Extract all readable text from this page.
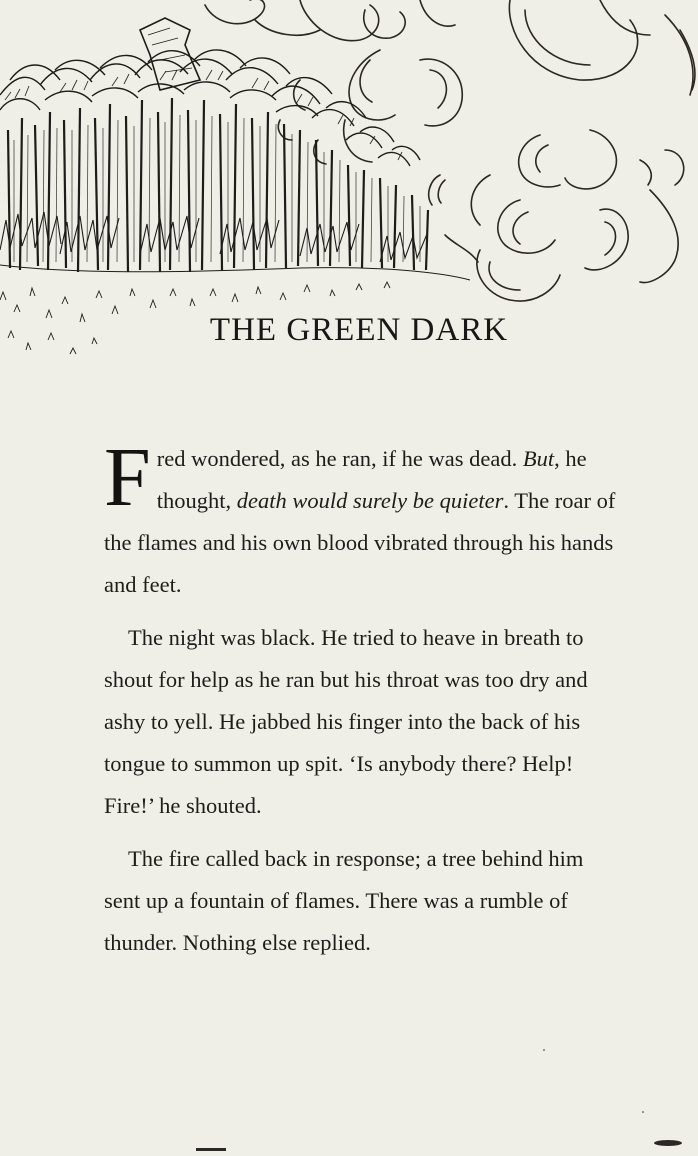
THE GREEN DARK

Fred wondered, as he ran, if he was dead. But, he thought, death would surely be quieter. The roar of the flames and his own blood vibrated through his hands and feet.

The night was black. He tried to heave in breath to shout for help as he ran but his throat was too dry and ashy to yell. He jabbed his finger into the back of his tongue to summon up spit. ‘Is anybody there? Help! Fire!’ he shouted.

The fire called back in response; a tree behind him sent up a fountain of flames. There was a rumble of thunder. Nothing else replied.
